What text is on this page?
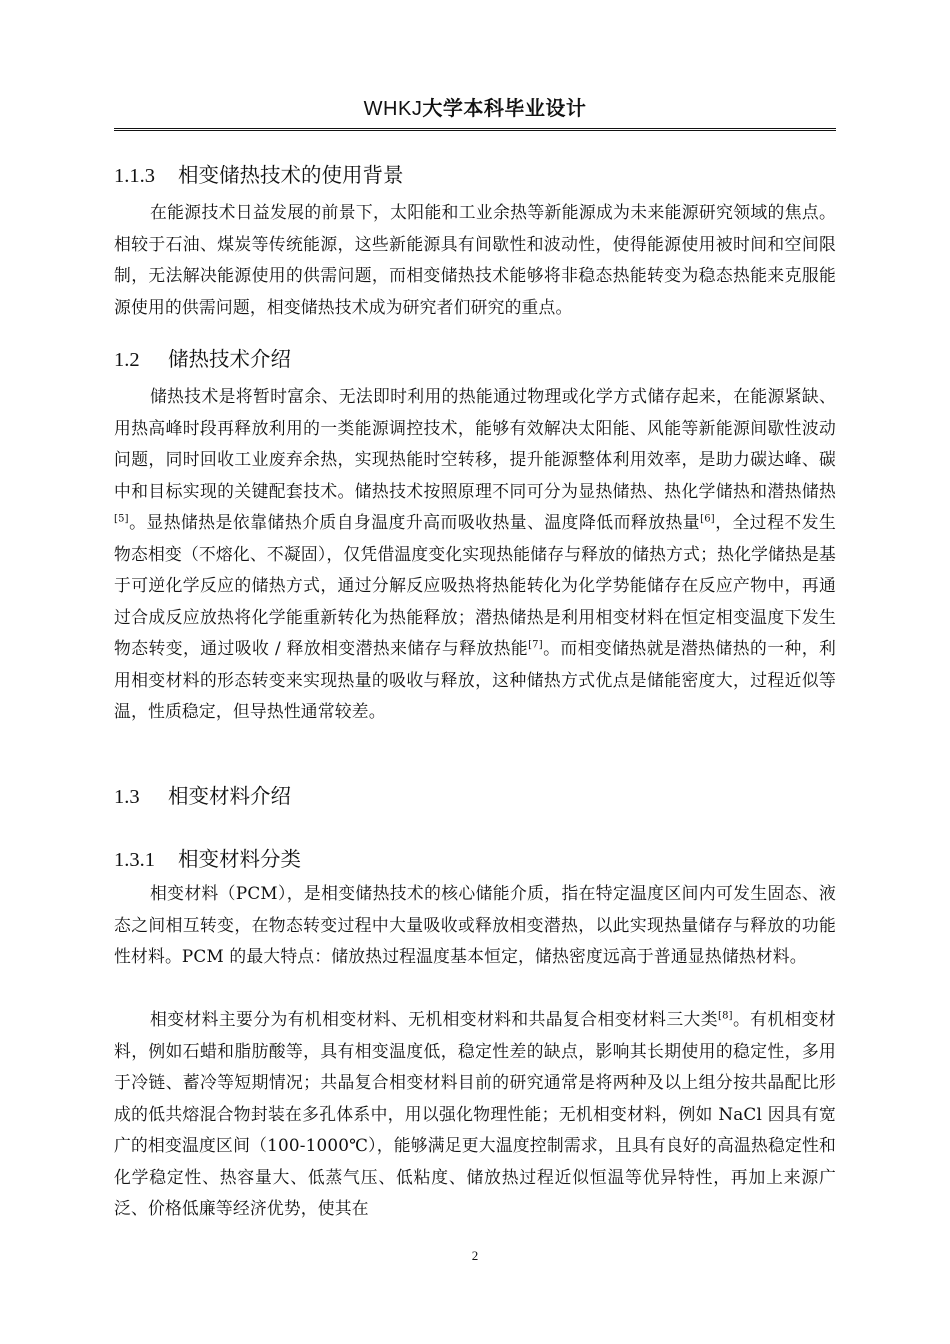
WHKJ大学本科毕业设计
1.1.3 相变储热技术的使用背景
在能源技术日益发展的前景下，太阳能和工业余热等新能源成为未来能源研究领域的焦点。相较于石油、煤炭等传统能源，这些新能源具有间歇性和波动性，使得能源使用被时间和空间限制，无法解决能源使用的供需问题，而相变储热技术能够将非稳态热能转变为稳态热能来克服能源使用的供需问题，相变储热技术成为研究者们研究的重点。
1.2 储热技术介绍
储热技术是将暂时富余、无法即时利用的热能通过物理或化学方式储存起来，在能源紧缺、用热高峰时段再释放利用的一类能源调控技术，能够有效解决太阳能、风能等新能源间歇性波动问题，同时回收工业废弃余热，实现热能时空转移，提升能源整体利用效率，是助力碳达峰、碳中和目标实现的关键配套技术。储热技术按照原理不同可分为显热储热、热化学储热和潜热储热[5]。显热储热是依靠储热介质自身温度升高而吸收热量、温度降低而释放热量[6]，全过程不发生物态相变（不熔化、不凝固），仅凭借温度变化实现热能储存与释放的储热方式；热化学储热是基于可逆化学反应的储热方式，通过分解反应吸热将热能转化为化学势能储存在反应产物中，再通过合成反应放热将化学能重新转化为热能释放；潜热储热是利用相变材料在恒定相变温度下发生物态转变，通过吸收 / 释放相变潜热来储存与释放热能[7]。而相变储热就是潜热储热的一种，利用相变材料的形态转变来实现热量的吸收与释放，这种储热方式优点是储能密度大，过程近似等温，性质稳定，但导热性通常较差。
1.3 相变材料介绍
1.3.1 相变材料分类
相变材料（PCM），是相变储热技术的核心储能介质，指在特定温度区间内可发生固态、液态之间相互转变，在物态转变过程中大量吸收或释放相变潜热，以此实现热量储存与释放的功能性材料。PCM 的最大特点：储放热过程温度基本恒定，储热密度远高于普通显热储热材料。
相变材料主要分为有机相变材料、无机相变材料和共晶复合相变材料三大类[8]。有机相变材料，例如石蜡和脂肪酸等，具有相变温度低，稳定性差的缺点，影响其长期使用的稳定性，多用于冷链、蓄冷等短期情况；共晶复合相变材料目前的研究通常是将两种及以上组分按共晶配比形成的低共熔混合物封装在多孔体系中，用以强化物理性能；无机相变材料，例如 NaCl 因具有宽广的相变温度区间（100-1000℃），能够满足更大温度控制需求，且具有良好的高温热稳定性和化学稳定性、热容量大、低蒸气压、低粘度、储放热过程近似恒温等优异特性，再加上来源广泛、价格低廉等经济优势，使其在
2
